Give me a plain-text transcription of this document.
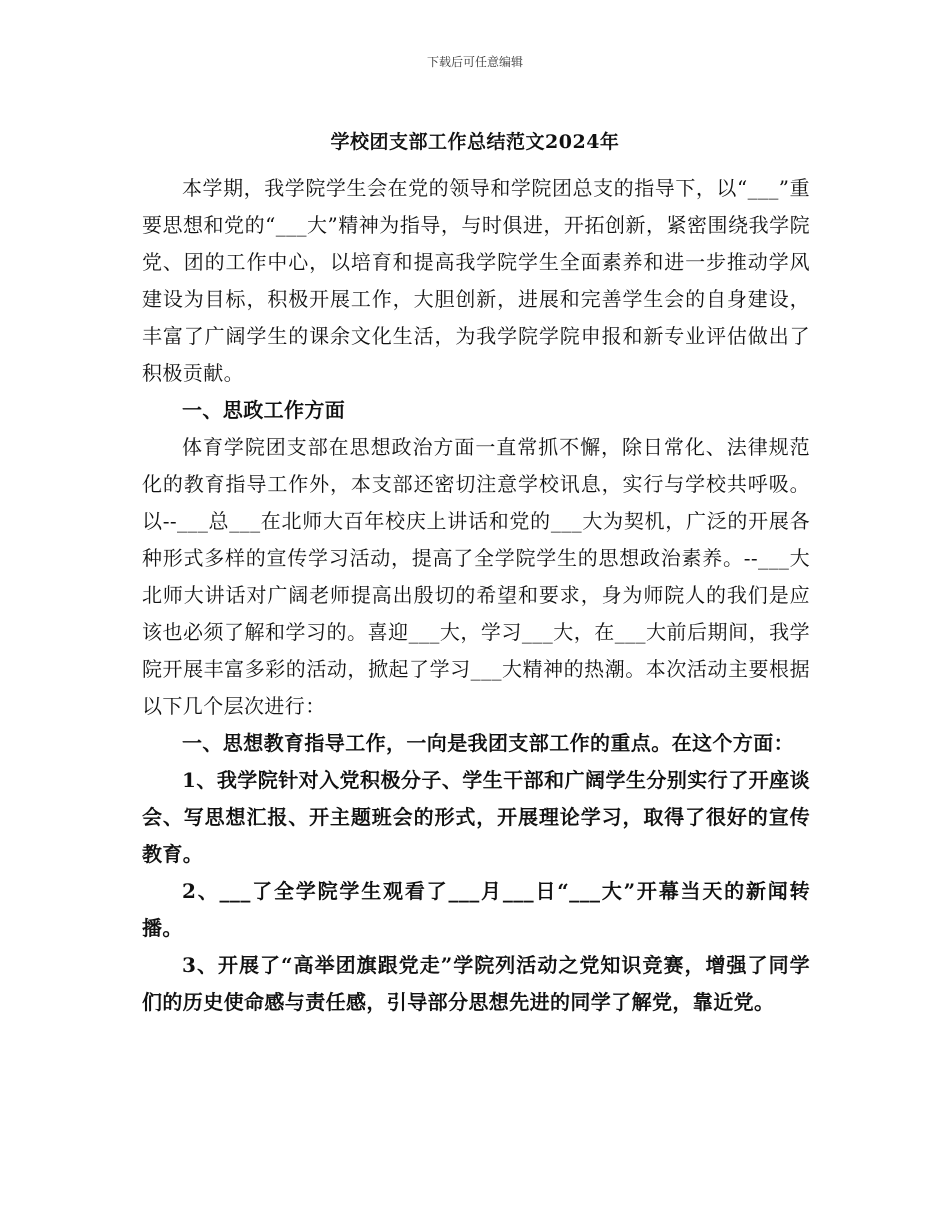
下载后可任意编辑
学校团支部工作总结范文2024年

本学期，我学院学生会在党的领导和学院团总支的指导下，以“___”重要思想和党的“___大”精神为指导，与时俱进，开拓创新，紧密围绕我学院党、团的工作中心，以培育和提高我学院学生全面素养和进一步推动学风建设为目标，积极开展工作，大胆创新，进展和完善学生会的自身建设，丰富了广阔学生的课余文化生活，为我学院学院申报和新专业评估做出了积极贡献。

一、思政工作方面

体育学院团支部在思想政治方面一直常抓不懈，除日常化、法律规范化的教育指导工作外，本支部还密切注意学校讯息，实行与学校共呼吸。以--___总___在北师大百年校庆上讲话和党的___大为契机，广泛的开展各种形式多样的宣传学习活动，提高了全学院学生的思想政治素养。--___大北师大讲话对广阔老师提高出殷切的希望和要求，身为师院人的我们是应该也必须了解和学习的。喜迎___大，学习___大，在___大前后期间，我学院开展丰富多彩的活动，掀起了学习___大精神的热潮。本次活动主要根据以下几个层次进行：

一、思想教育指导工作，一向是我团支部工作的重点。在这个方面：

1、我学院针对入党积极分子、学生干部和广阔学生分别实行了开座谈会、写思想汇报、开主题班会的形式，开展理论学习，取得了很好的宣传教育。

2、___了全学院学生观看了___月___日“___大”开幕当天的新闻转播。

3、开展了“高举团旗跟党走”学院列活动之党知识竞赛，增强了同学们的历史使命感与责任感，引导部分思想先进的同学了解党，靠近党。
